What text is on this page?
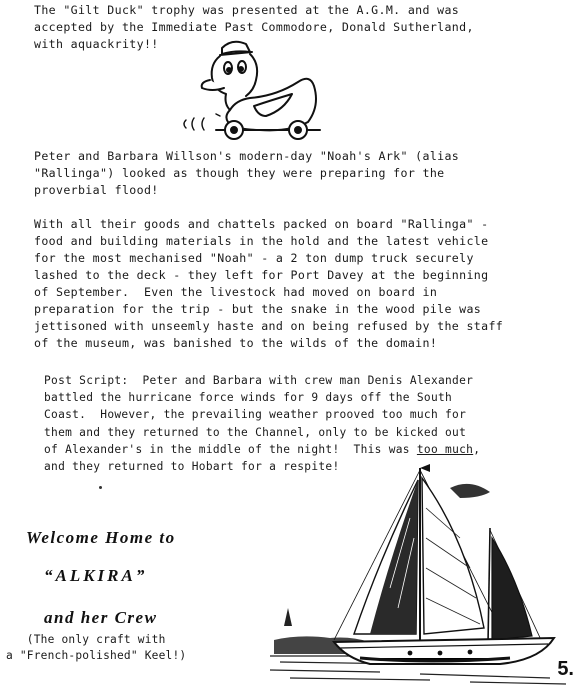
The "Gilt Duck" trophy was presented at the A.G.M. and was
accepted by the Immediate Past Commodore, Donald Sutherland,
with aquackrity!!

Peter and Barbara Willson's modern-day "Noah's Ark" (alias
"Rallinga") looked as though they were preparing for the
proverbial flood!

With all their goods and chattels packed on board "Rallinga" -
food and building materials in the hold and the latest vehicle
for the most mechanised "Noah" - a 2 ton dump truck securely
lashed to the deck - they left for Port Davey at the beginning
of September.  Even the livestock had moved on board in
preparation for the trip - but the snake in the wood pile was
jettisoned with unseemly haste and on being refused by the staff
of the museum, was banished to the wilds of the domain!

Post Script:  Peter and Barbara with crew man Denis Alexander
battled the hurricane force winds for 9 days off the South
Coast.  However, the prevailing weather prooved too much for
them and they returned to the Channel, only to be kicked out
of Alexander's in the middle of the night!  This was too much,
and they returned to Hobart for a respite!

Welcome Home to

“ALKIRA”

and her Crew

(The only craft with
a "French-polished" Keel!)

5.
